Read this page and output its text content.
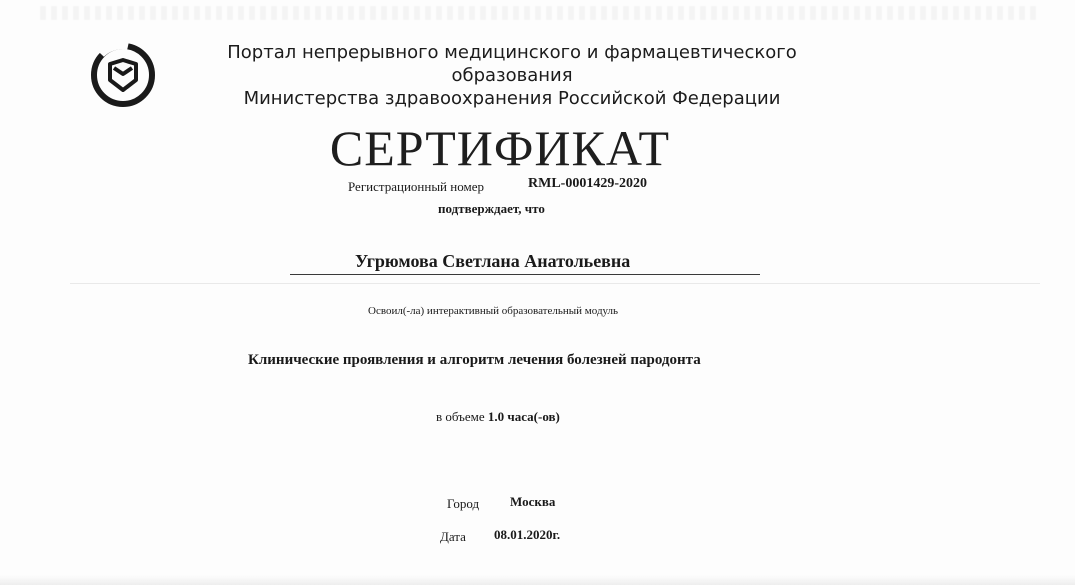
Портал непрерывного медицинского и фармацевтического образования
Министерства здравоохранения Российской Федерации
СЕРТИФИКАТ
Регистрационный номер	RML-0001429-2020
подтверждает, что
Угрюмова Светлана Анатольевна
Освоил(-ла) интерактивный образовательный модуль
Клинические проявления и алгоритм лечения болезней пародонта
в объеме 1.0 часа(-ов)
Город Москва
Дата 08.01.2020г.
